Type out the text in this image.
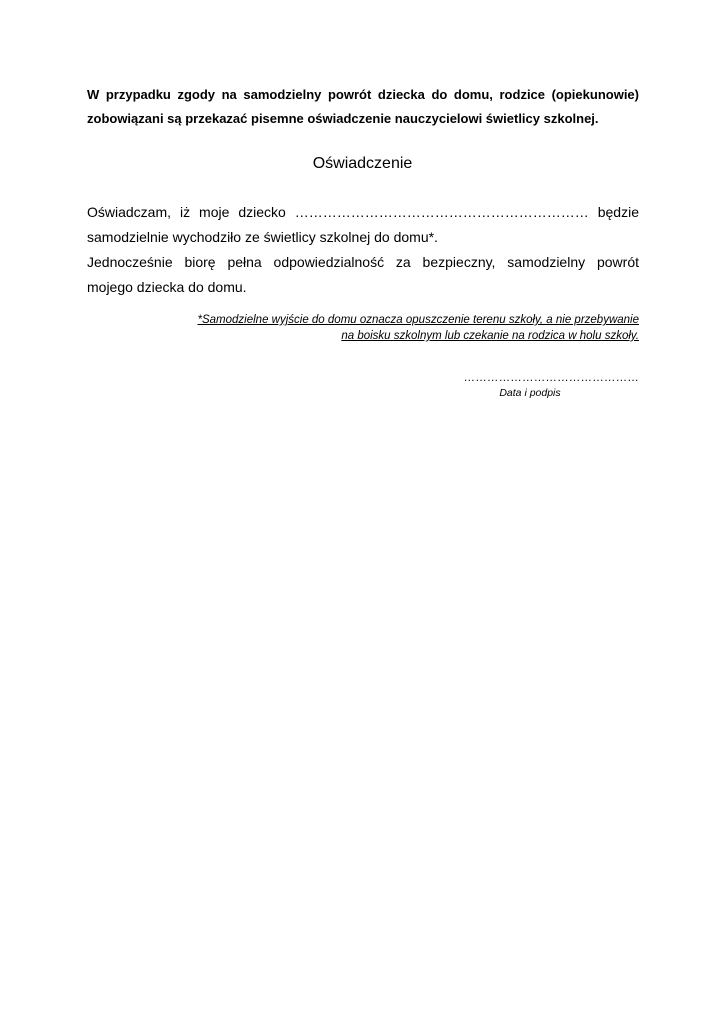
W przypadku zgody na samodzielny powrót dziecka do domu, rodzice (opiekunowie)
zobowiązani są przekazać pisemne oświadczenie nauczycielowi świetlicy szkolnej.
Oświadczenie
Oświadczam, iż moje dziecko ……………………………………………………… będzie
samodzielnie wychodziło ze świetlicy szkolnej do domu*.
Jednocześnie biorę pełna odpowiedzialność za bezpieczny, samodzielny powrót
mojego dziecka do domu.
*Samodzielne wyjście do domu oznacza opuszczenie terenu szkoły, a nie przebywanie
na boisku szkolnym lub czekanie na rodzica w holu szkoły.
………………………………………
Data i podpis
